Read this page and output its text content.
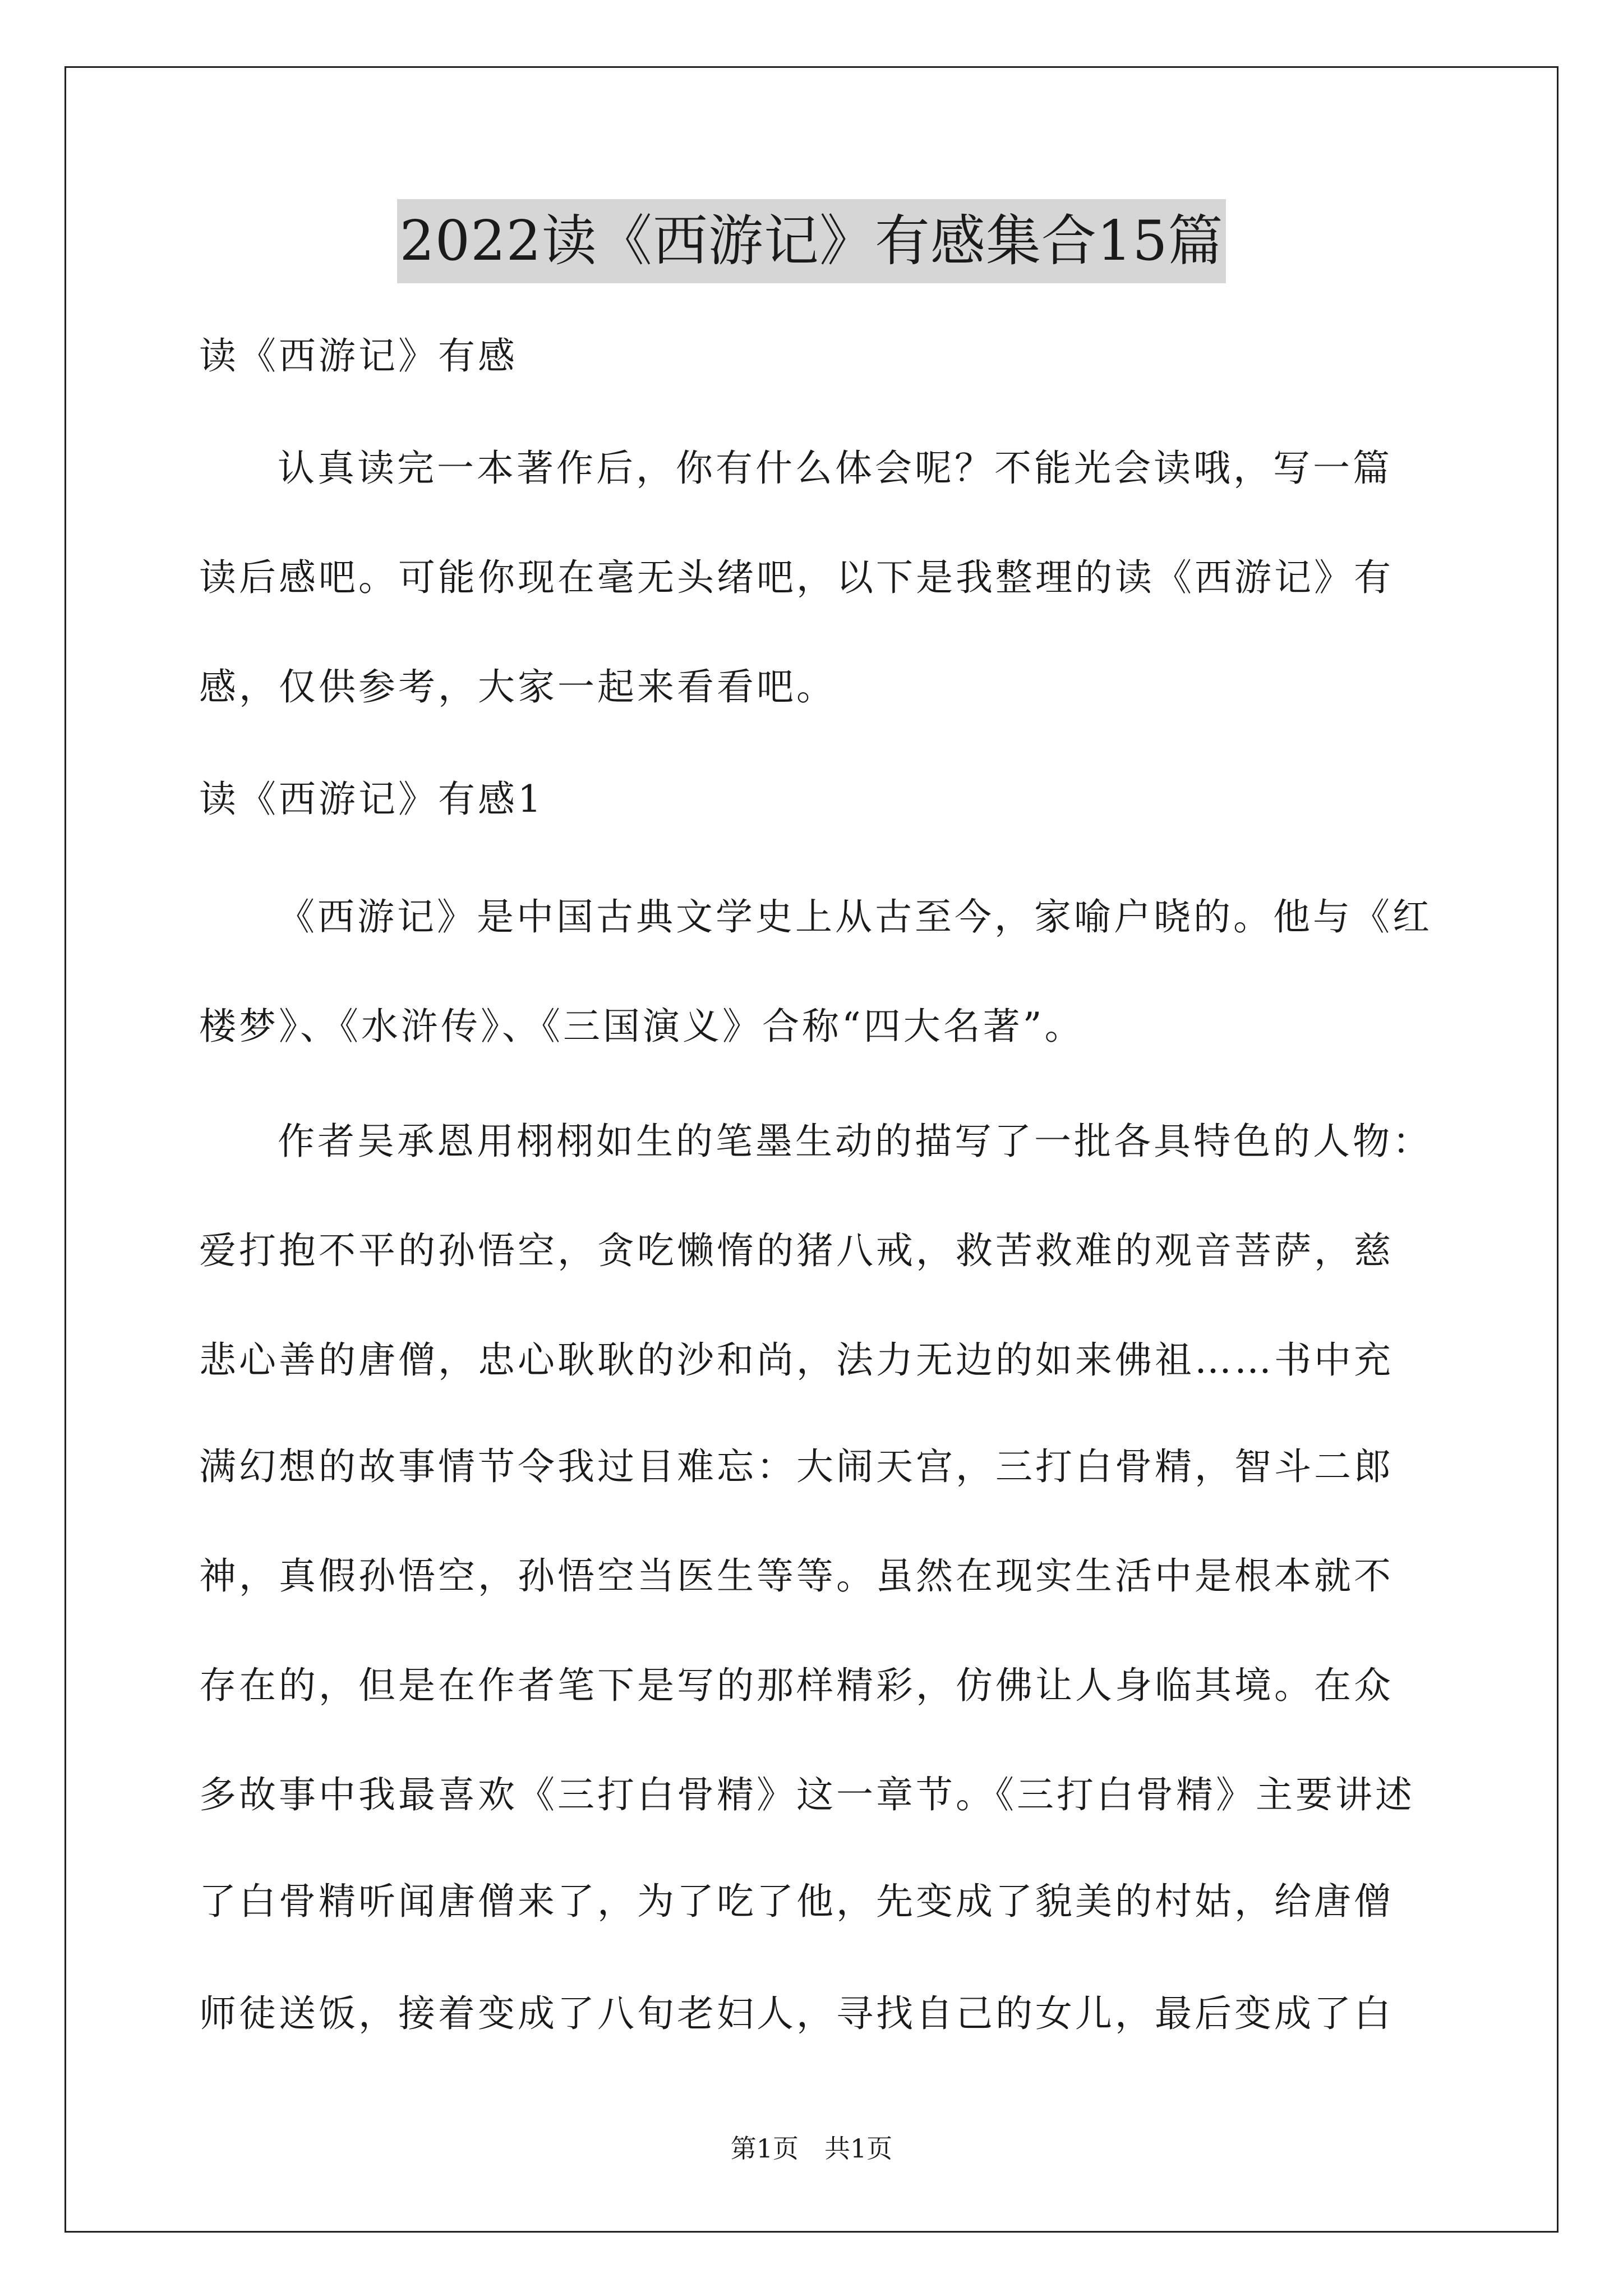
2022读《西游记》有感集合15篇
读《西游记》有感
认真读完一本著作后，你有什么体会呢？不能光会读哦，写一篇
读后感吧。可能你现在毫无头绪吧，以下是我整理的读《西游记》有
感，仅供参考，大家一起来看看吧。
读《西游记》有感1
《西游记》是中国古典文学史上从古至今，家喻户晓的。他与《红
楼梦》、《水浒传》、《三国演义》合称“四大名著”。
作者吴承恩用栩栩如生的笔墨生动的描写了一批各具特色的人物：
爱打抱不平的孙悟空，贪吃懒惰的猪八戒，救苦救难的观音菩萨，慈
悲心善的唐僧，忠心耿耿的沙和尚，法力无边的如来佛祖……书中充
满幻想的故事情节令我过目难忘：大闹天宫，三打白骨精，智斗二郎
神，真假孙悟空，孙悟空当医生等等。虽然在现实生活中是根本就不
存在的，但是在作者笔下是写的那样精彩，仿佛让人身临其境。在众
多故事中我最喜欢《三打白骨精》这一章节。《三打白骨精》主要讲述
了白骨精听闻唐僧来了，为了吃了他，先变成了貌美的村姑，给唐僧
师徒送饭，接着变成了八旬老妇人，寻找自己的女儿，最后变成了白
第1页　共1页
